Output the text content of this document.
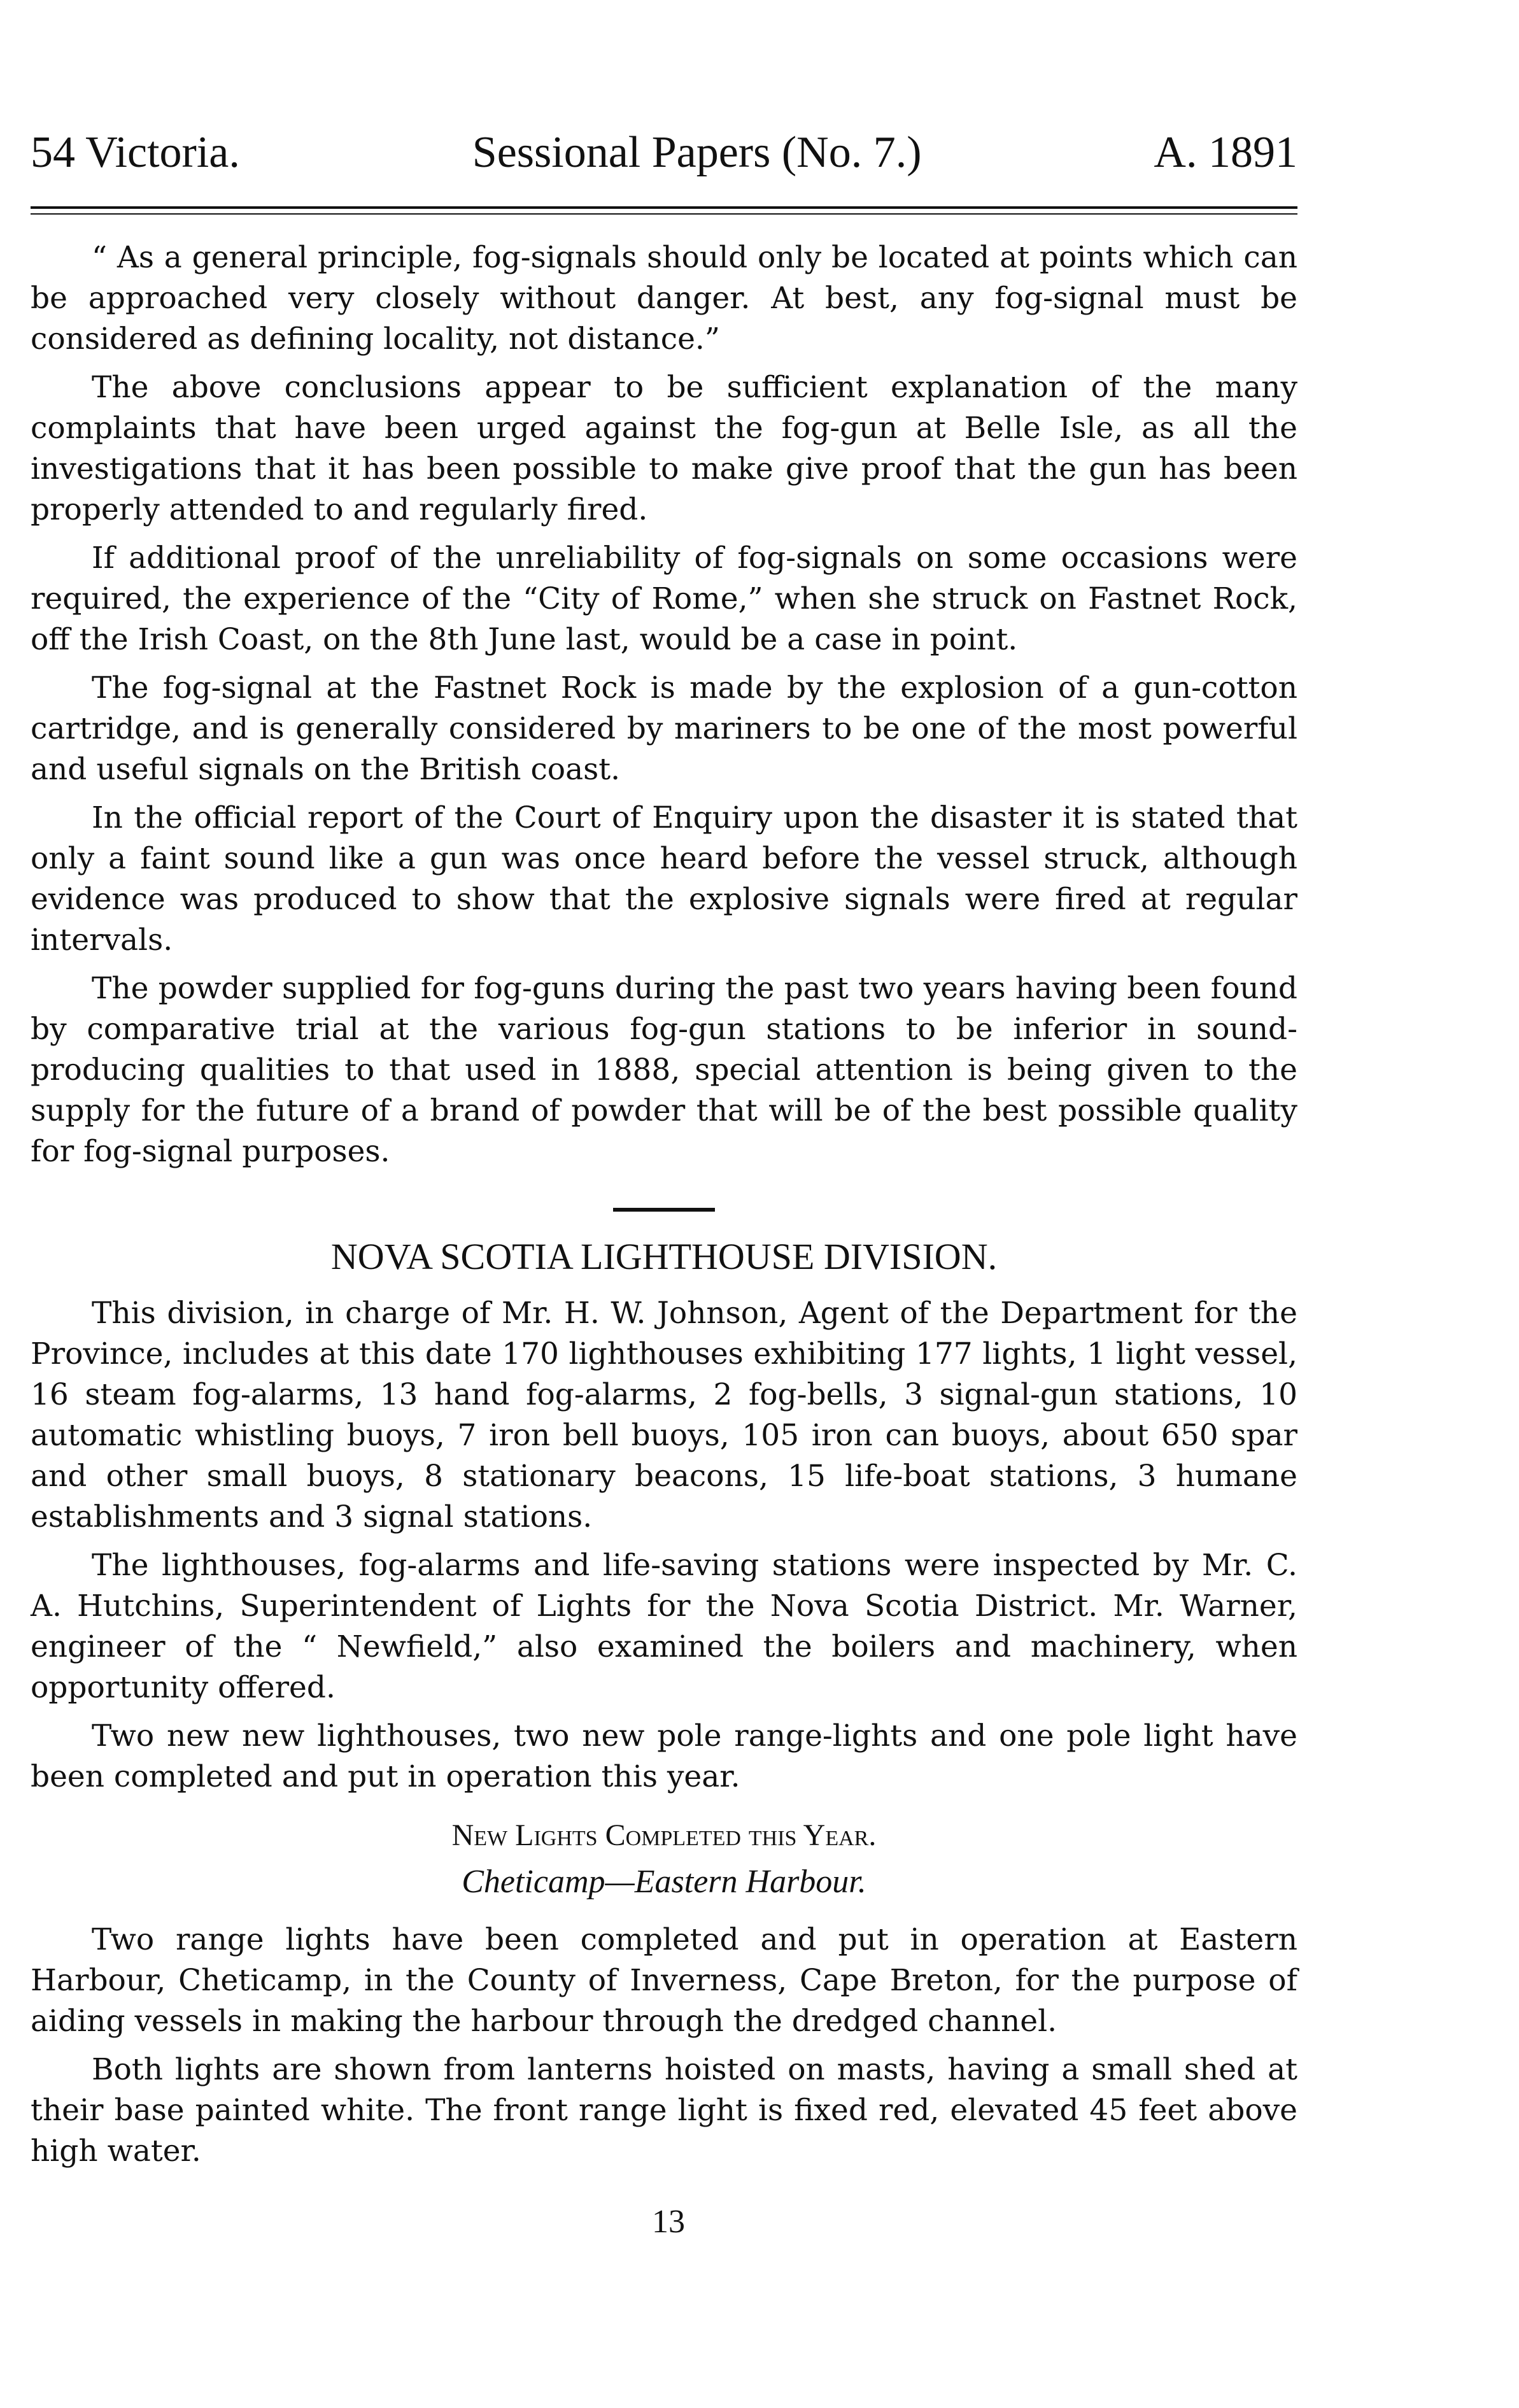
54 Victoria.	Sessional Papers (No. 7.)	A. 1891

“ As a general principle, fog-signals should only be located at points which can be approached very closely without danger. At best, any fog-signal must be considered as defining locality, not distance.”

The above conclusions appear to be sufficient explanation of the many complaints that have been urged against the fog-gun at Belle Isle, as all the investigations that it has been possible to make give proof that the gun has been properly attended to and regularly fired.

If additional proof of the unreliability of fog-signals on some occasions were required, the experience of the “City of Rome,” when she struck on Fastnet Rock, off the Irish Coast, on the 8th June last, would be a case in point.

The fog-signal at the Fastnet Rock is made by the explosion of a gun-cotton cartridge, and is generally considered by mariners to be one of the most powerful and useful signals on the British coast.

In the official report of the Court of Enquiry upon the disaster it is stated that only a faint sound like a gun was once heard before the vessel struck, although evidence was produced to show that the explosive signals were fired at regular intervals.

The powder supplied for fog-guns during the past two years having been found by comparative trial at the various fog-gun stations to be inferior in sound-producing qualities to that used in 1888, special attention is being given to the supply for the future of a brand of powder that will be of the best possible quality for fog-signal purposes.

NOVA SCOTIA LIGHTHOUSE DIVISION.

This division, in charge of Mr. H. W. Johnson, Agent of the Department for the Province, includes at this date 170 lighthouses exhibiting 177 lights, 1 light vessel, 16 steam fog-alarms, 13 hand fog-alarms, 2 fog-bells, 3 signal-gun stations, 10 automatic whistling buoys, 7 iron bell buoys, 105 iron can buoys, about 650 spar and other small buoys, 8 stationary beacons, 15 life-boat stations, 3 humane establishments and 3 signal stations.

The lighthouses, fog-alarms and life-saving stations were inspected by Mr. C. A. Hutchins, Superintendent of Lights for the Nova Scotia District. Mr. Warner, engineer of the “ Newfield,” also examined the boilers and machinery, when opportunity offered.

Two new new lighthouses, two new pole range-lights and one pole light have been completed and put in operation this year.

New Lights Completed this Year.
Cheticamp—Eastern Harbour.

Two range lights have been completed and put in operation at Eastern Harbour, Cheticamp, in the County of Inverness, Cape Breton, for the purpose of aiding vessels in making the harbour through the dredged channel.

Both lights are shown from lanterns hoisted on masts, having a small shed at their base painted white. The front range light is fixed red, elevated 45 feet above high water.

13
